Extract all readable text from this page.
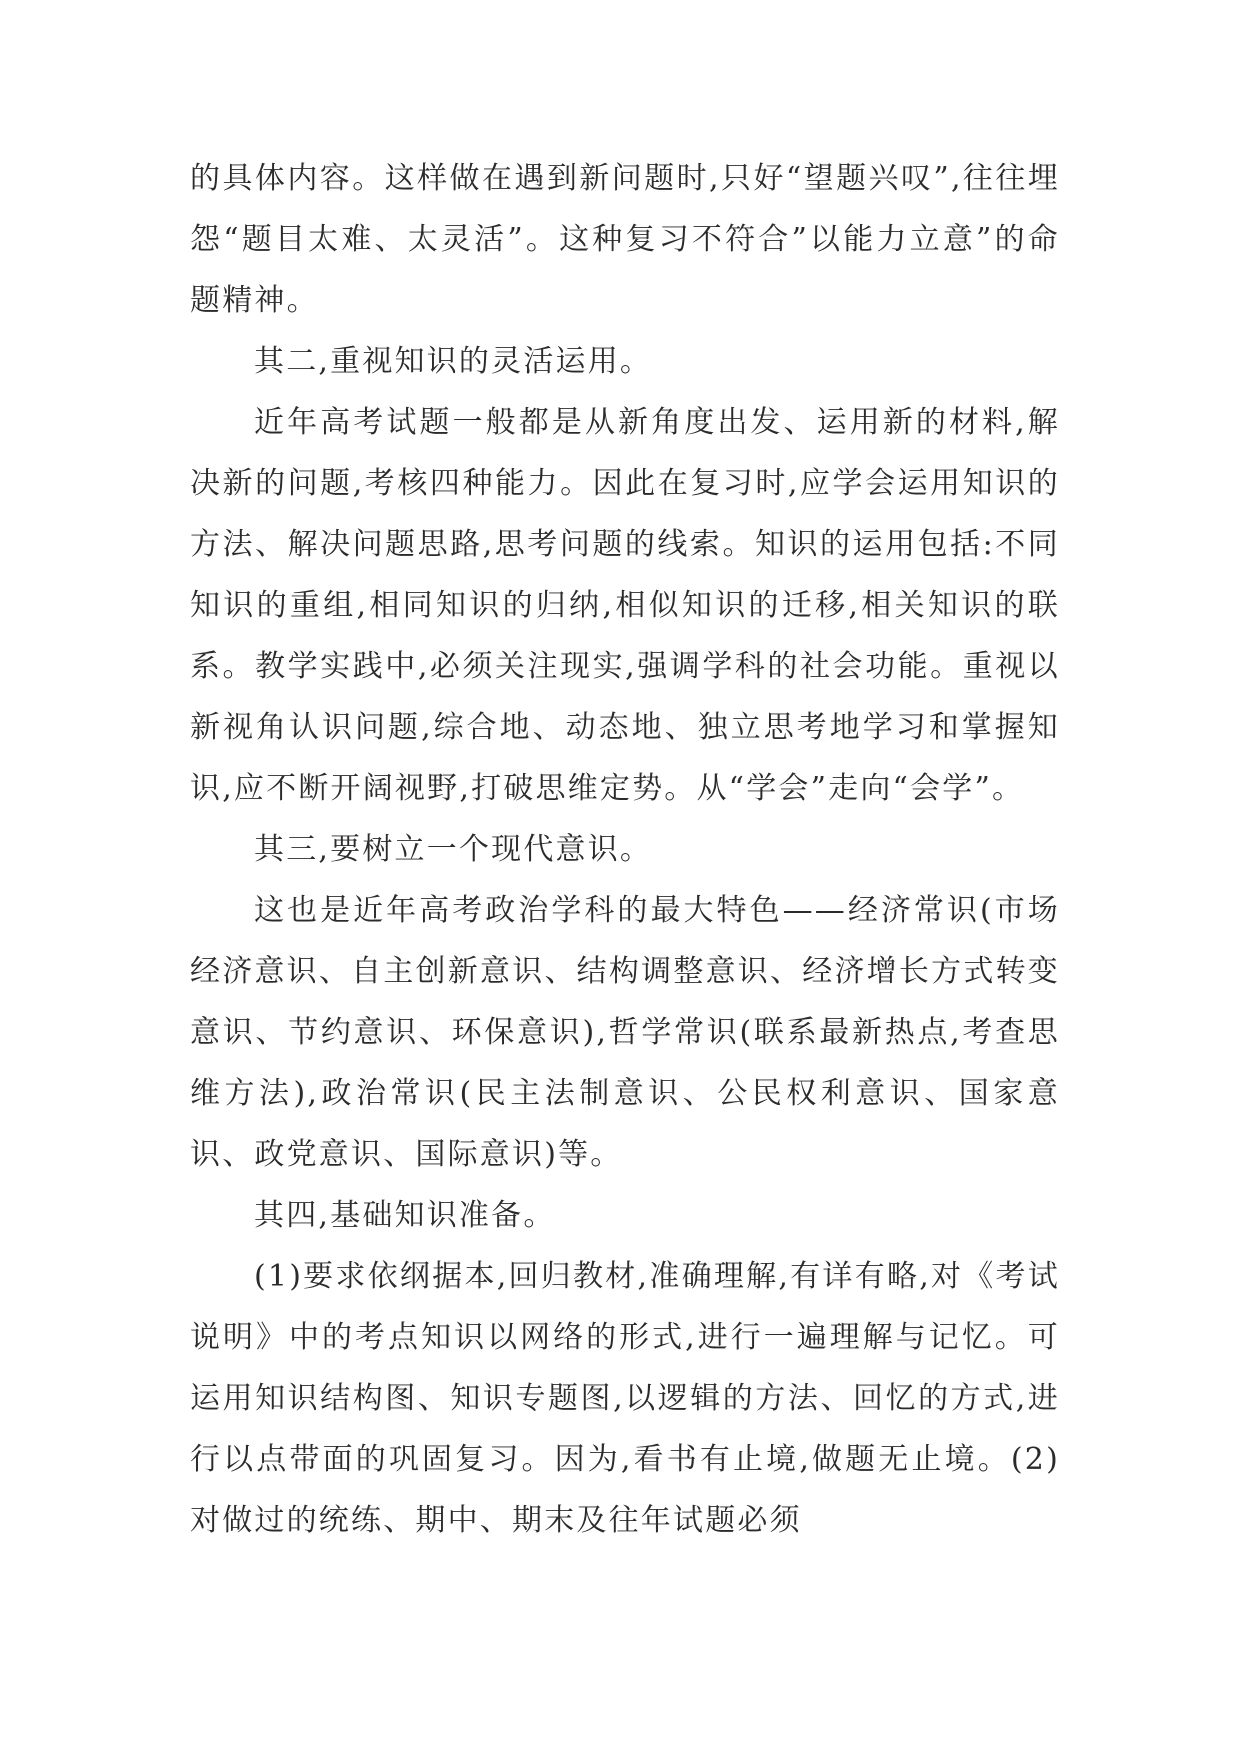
的具体内容。这样做在遇到新问题时,只好“望题兴叹”,往往埋怨“题目太难、太灵活”。这种复习不符合”以能力立意”的命题精神。

其二,重视知识的灵活运用。

近年高考试题一般都是从新角度出发、运用新的材料,解决新的问题,考核四种能力。因此在复习时,应学会运用知识的方法、解决问题思路,思考问题的线索。知识的运用包括:不同知识的重组,相同知识的归纳,相似知识的迁移,相关知识的联系。教学实践中,必须关注现实,强调学科的社会功能。重视以新视角认识问题,综合地、动态地、独立思考地学习和掌握知识,应不断开阔视野,打破思维定势。从“学会”走向“会学”。

其三,要树立一个现代意识。

这也是近年高考政治学科的最大特色——经济常识(市场经济意识、自主创新意识、结构调整意识、经济增长方式转变意识、节约意识、环保意识),哲学常识(联系最新热点,考查思维方法),政治常识(民主法制意识、公民权利意识、国家意识、政党意识、国际意识)等。

其四,基础知识准备。

(1)要求依纲据本,回归教材,准确理解,有详有略,对《考试说明》中的考点知识以网络的形式,进行一遍理解与记忆。可运用知识结构图、知识专题图,以逻辑的方法、回忆的方式,进行以点带面的巩固复习。因为,看书有止境,做题无止境。(2)对做过的统练、期中、期末及往年试题必须
